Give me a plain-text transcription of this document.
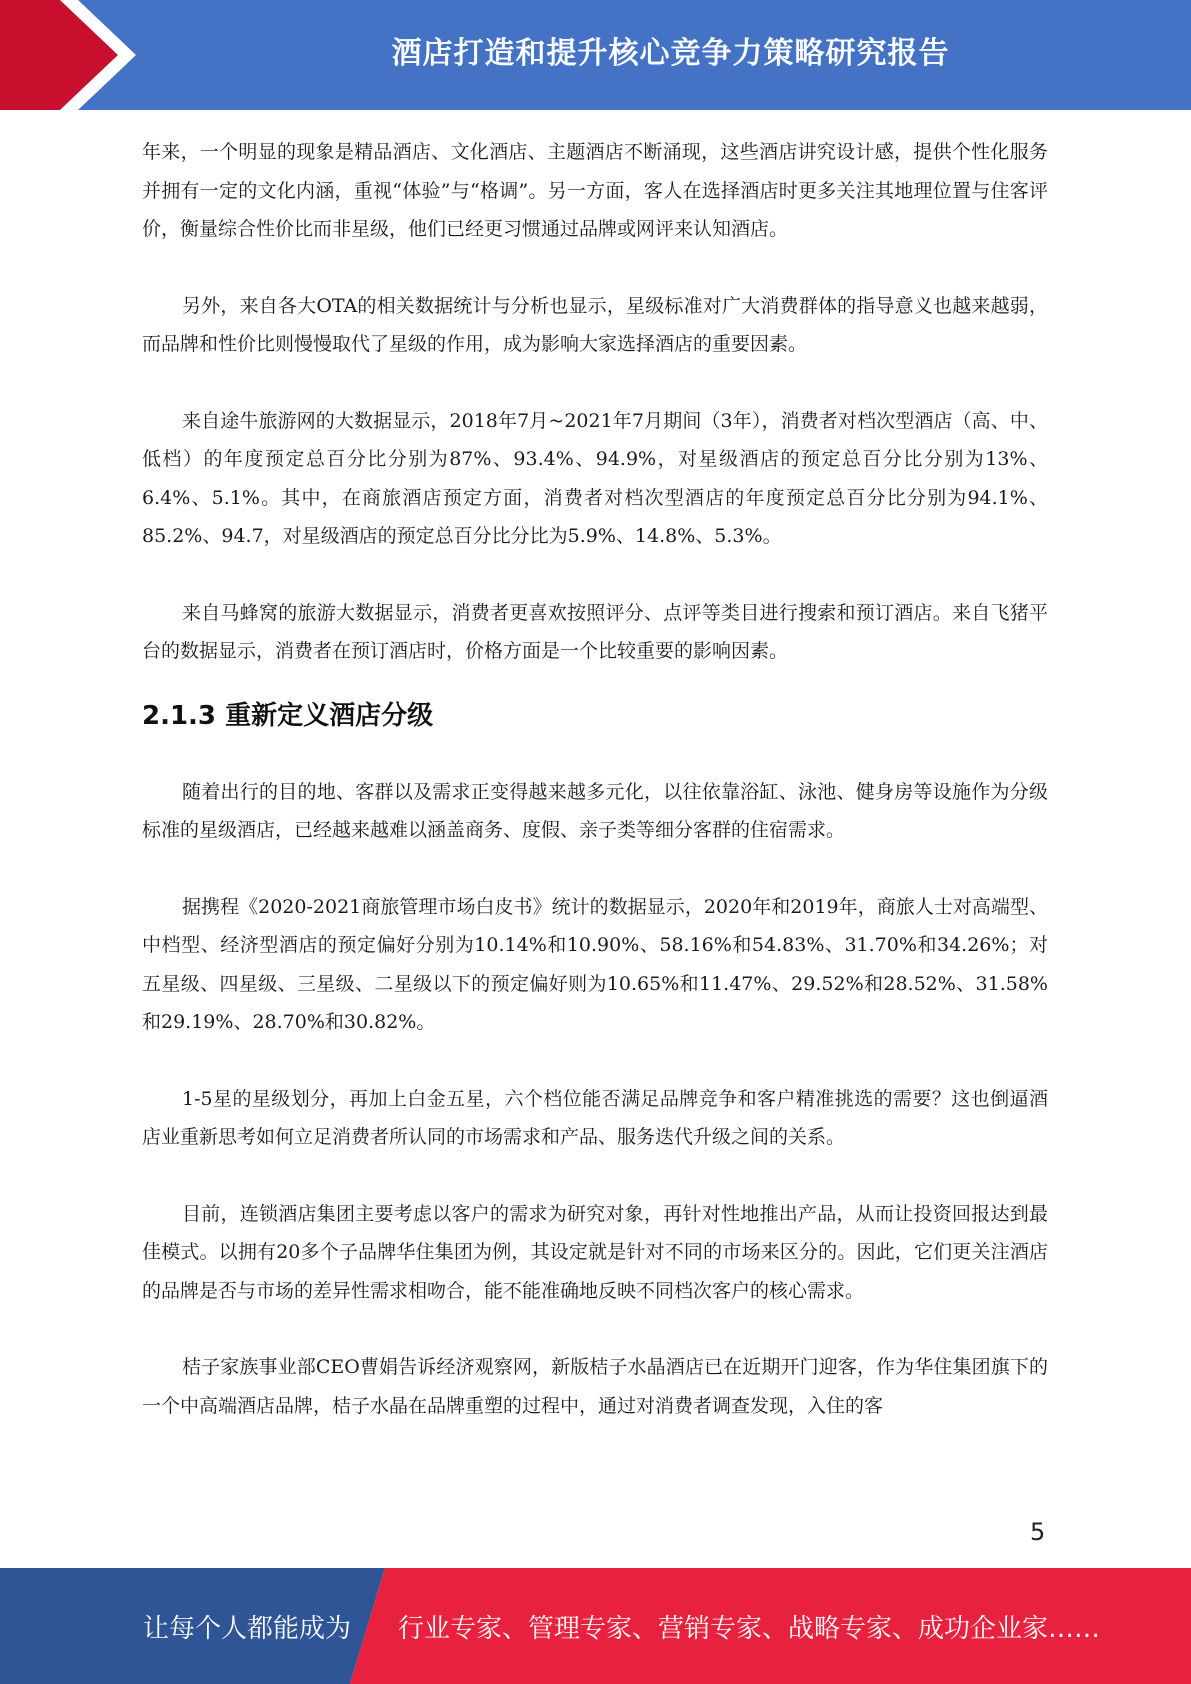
酒店打造和提升核心竞争力策略研究报告

年来，一个明显的现象是精品酒店、文化酒店、主题酒店不断涌现，这些酒店讲究设计感，提供个性化服务并拥有一定的文化内涵，重视“体验”与“格调”。另一方面，客人在选择酒店时更多关注其地理位置与住客评价，衡量综合性价比而非星级，他们已经更习惯通过品牌或网评来认知酒店。

另外，来自各大OTA的相关数据统计与分析也显示，星级标准对广大消费群体的指导意义也越来越弱，而品牌和性价比则慢慢取代了星级的作用，成为影响大家选择酒店的重要因素。

来自途牛旅游网的大数据显示，2018年7月~2021年7月期间（3年），消费者对档次型酒店（高、中、低档）的年度预定总百分比分别为87%、93.4%、94.9%，对星级酒店的预定总百分比分别为13%、6.4%、5.1%。其中，在商旅酒店预定方面，消费者对档次型酒店的年度预定总百分比分别为94.1%、85.2%、94.7，对星级酒店的预定总百分比分比为5.9%、14.8%、5.3%。

来自马蜂窝的旅游大数据显示，消费者更喜欢按照评分、点评等类目进行搜索和预订酒店。来自飞猪平台的数据显示，消费者在预订酒店时，价格方面是一个比较重要的影响因素。

2.1.3 重新定义酒店分级

随着出行的目的地、客群以及需求正变得越来越多元化，以往依靠浴缸、泳池、健身房等设施作为分级标准的星级酒店，已经越来越难以涵盖商务、度假、亲子类等细分客群的住宿需求。

据携程《2020-2021商旅管理市场白皮书》统计的数据显示，2020年和2019年，商旅人士对高端型、中档型、经济型酒店的预定偏好分别为10.14%和10.90%、58.16%和54.83%、31.70%和34.26%；对五星级、四星级、三星级、二星级以下的预定偏好则为10.65%和11.47%、29.52%和28.52%、31.58%和29.19%、28.70%和30.82%。

1-5星的星级划分，再加上白金五星，六个档位能否满足品牌竞争和客户精准挑选的需要？这也倒逼酒店业重新思考如何立足消费者所认同的市场需求和产品、服务迭代升级之间的关系。

目前，连锁酒店集团主要考虑以客户的需求为研究对象，再针对性地推出产品，从而让投资回报达到最佳模式。以拥有20多个子品牌华住集团为例，其设定就是针对不同的市场来区分的。因此，它们更关注酒店的品牌是否与市场的差异性需求相吻合，能不能准确地反映不同档次客户的核心需求。

桔子家族事业部CEO曹娟告诉经济观察网，新版桔子水晶酒店已在近期开门迎客，作为华住集团旗下的一个中高端酒店品牌，桔子水晶在品牌重塑的过程中，通过对消费者调查发现，入住的客

5
让每个人都能成为 行业专家、管理专家、营销专家、战略专家、成功企业家……
